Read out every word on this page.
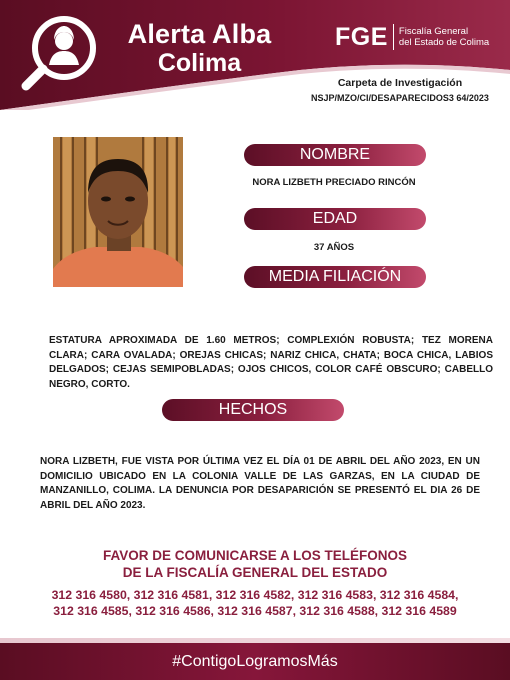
Alerta Alba
Colima
FGE Fiscalía General
del Estado de Colima
Carpeta de Investigación
NSJP/MZO/CI/DESAPARECIDOS3 64/2023
NOMBRE
NORA LIZBETH PRECIADO RINCÓN
EDAD
37 AÑOS
MEDIA FILIACIÓN
ESTATURA APROXIMADA DE 1.60 METROS; COMPLEXIÓN ROBUSTA; TEZ MORENA CLARA; CARA OVALADA; OREJAS CHICAS; NARIZ CHICA, CHATA; BOCA CHICA, LABIOS DELGADOS; CEJAS SEMIPOBLADAS; OJOS CHICOS, COLOR CAFÉ OBSCURO; CABELLO NEGRO, CORTO.
HECHOS
NORA LIZBETH, FUE VISTA POR ÚLTIMA VEZ EL DÍA 01 DE ABRIL DEL AÑO 2023, EN UN DOMICILIO UBICADO EN LA COLONIA VALLE DE LAS GARZAS, EN LA CIUDAD DE MANZANILLO, COLIMA. LA DENUNCIA POR DESAPARICIÓN SE PRESENTÓ EL DIA 26 DE ABRIL DEL AÑO 2023.
FAVOR DE COMUNICARSE A LOS TELÉFONOS
DE LA FISCALÍA GENERAL DEL ESTADO
312 316 4580, 312 316 4581, 312 316 4582, 312 316 4583, 312 316 4584, 312 316 4585, 312 316 4586, 312 316 4587, 312 316 4588, 312 316 4589
#ContigoLogramosMás
